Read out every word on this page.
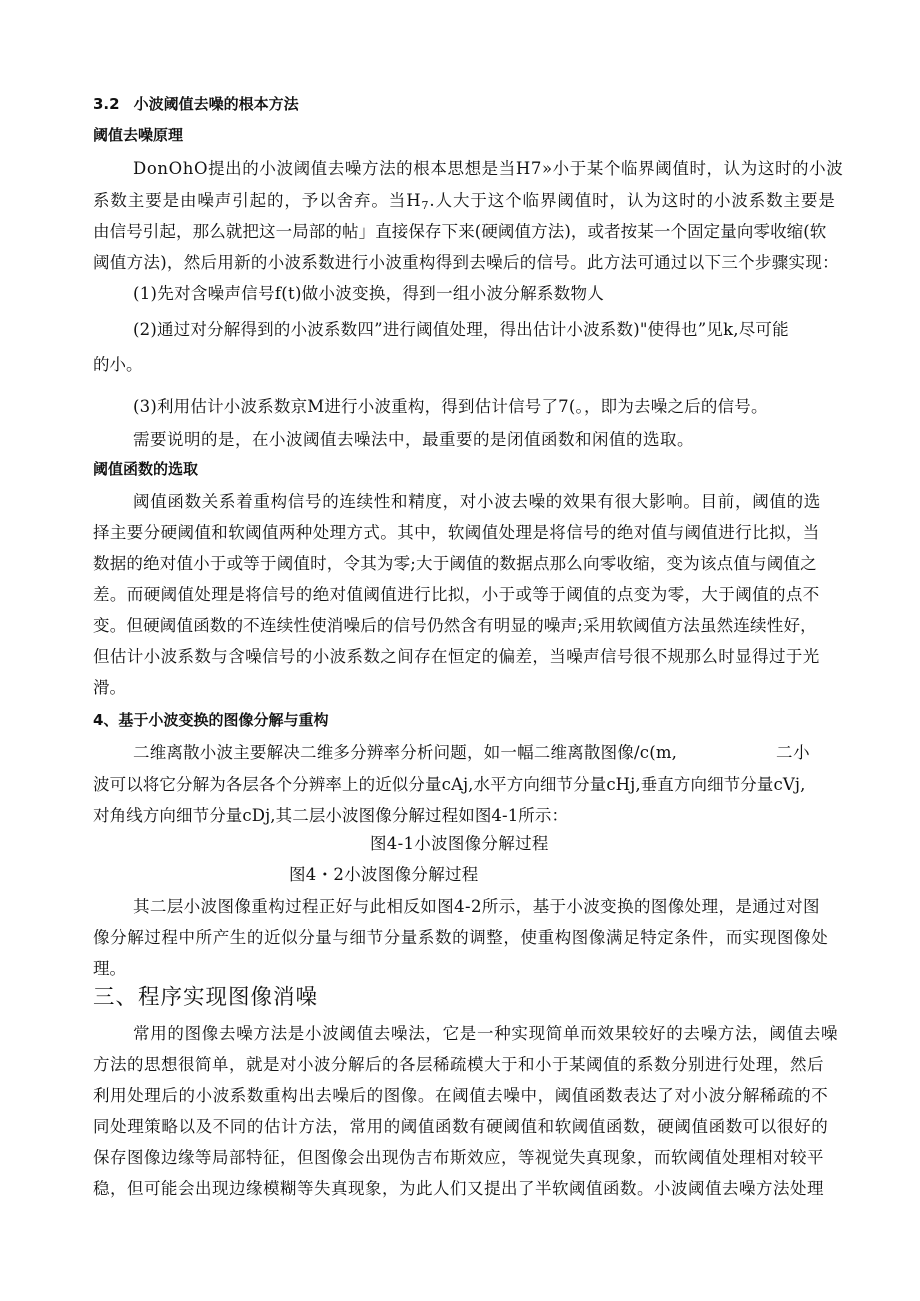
3.2 小波阈值去噪的根本方法
阈值去噪原理
DonOhO提出的小波阈值去噪方法的根本思想是当H7»小于某个临界阈值时，认为这时的小波
系数主要是由噪声引起的，予以舍弃。当$H_7$.人大于这个临界阈值时，认为这时的小波系数主要是
由信号引起，那么就把这一局部的帖」直接保存下来(硬阈值方法)，或者按某一个固定量向零收缩(软
阈值方法)，然后用新的小波系数进行小波重构得到去噪后的信号。此方法可通过以下三个步骤实现：
(1)先对含噪声信号f(t)做小波变换，得到一组小波分解系数物人
(2)通过对分解得到的小波系数四”进行阈值处理，得出估计小波系数)"使得也”见k,尽可能
的小。
(3)利用估计小波系数京M进行小波重构，得到估计信号了7(。，即为去噪之后的信号。
需要说明的是，在小波阈值去噪法中，最重要的是闭值函数和闲值的选取。
阈值函数的选取
阈值函数关系着重构信号的连续性和精度，对小波去噪的效果有很大影响。目前，阈值的选
择主要分硬阈值和软阈值两种处理方式。其中，软阈值处理是将信号的绝对值与阈值进行比拟，当
数据的绝对值小于或等于阈值时，令其为零;大于阈值的数据点那么向零收缩，变为该点值与阈值之
差。而硬阈值处理是将信号的绝对值阈值进行比拟，小于或等于阈值的点变为零，大于阈值的点不
变。但硬阈值函数的不连续性使消噪后的信号仍然含有明显的噪声;采用软阈值方法虽然连续性好，
但估计小波系数与含噪信号的小波系数之间存在恒定的偏差，当噪声信号很不规那么时显得过于光
滑。
4、基于小波变换的图像分解与重构
二维离散小波主要解决二维多分辨率分析问题，如一幅二维离散图像/c(m,	二小
波可以将它分解为各层各个分辨率上的近似分量cAj,水平方向细节分量cHj,垂直方向细节分量cVj,
对角线方向细节分量cDj,其二层小波图像分解过程如图4-1所示：
图4-1小波图像分解过程
图4・2小波图像分解过程
其二层小波图像重构过程正好与此相反如图4-2所示，基于小波变换的图像处理，是通过对图
像分解过程中所产生的近似分量与细节分量系数的调整，使重构图像满足特定条件，而实现图像处
理。
三、程序实现图像消噪
常用的图像去噪方法是小波阈值去噪法，它是一种实现简单而效果较好的去噪方法，阈值去噪
方法的思想很简单，就是对小波分解后的各层稀疏模大于和小于某阈值的系数分别进行处理，然后
利用处理后的小波系数重构出去噪后的图像。在阈值去噪中，阈值函数表达了对小波分解稀疏的不
同处理策略以及不同的估计方法，常用的阈值函数有硬阈值和软阈值函数，硬阈值函数可以很好的
保存图像边缘等局部特征，但图像会出现伪吉布斯效应，等视觉失真现象，而软阈值处理相对较平
稳，但可能会出现边缘模糊等失真现象，为此人们又提出了半软阈值函数。小波阈值去噪方法处理
